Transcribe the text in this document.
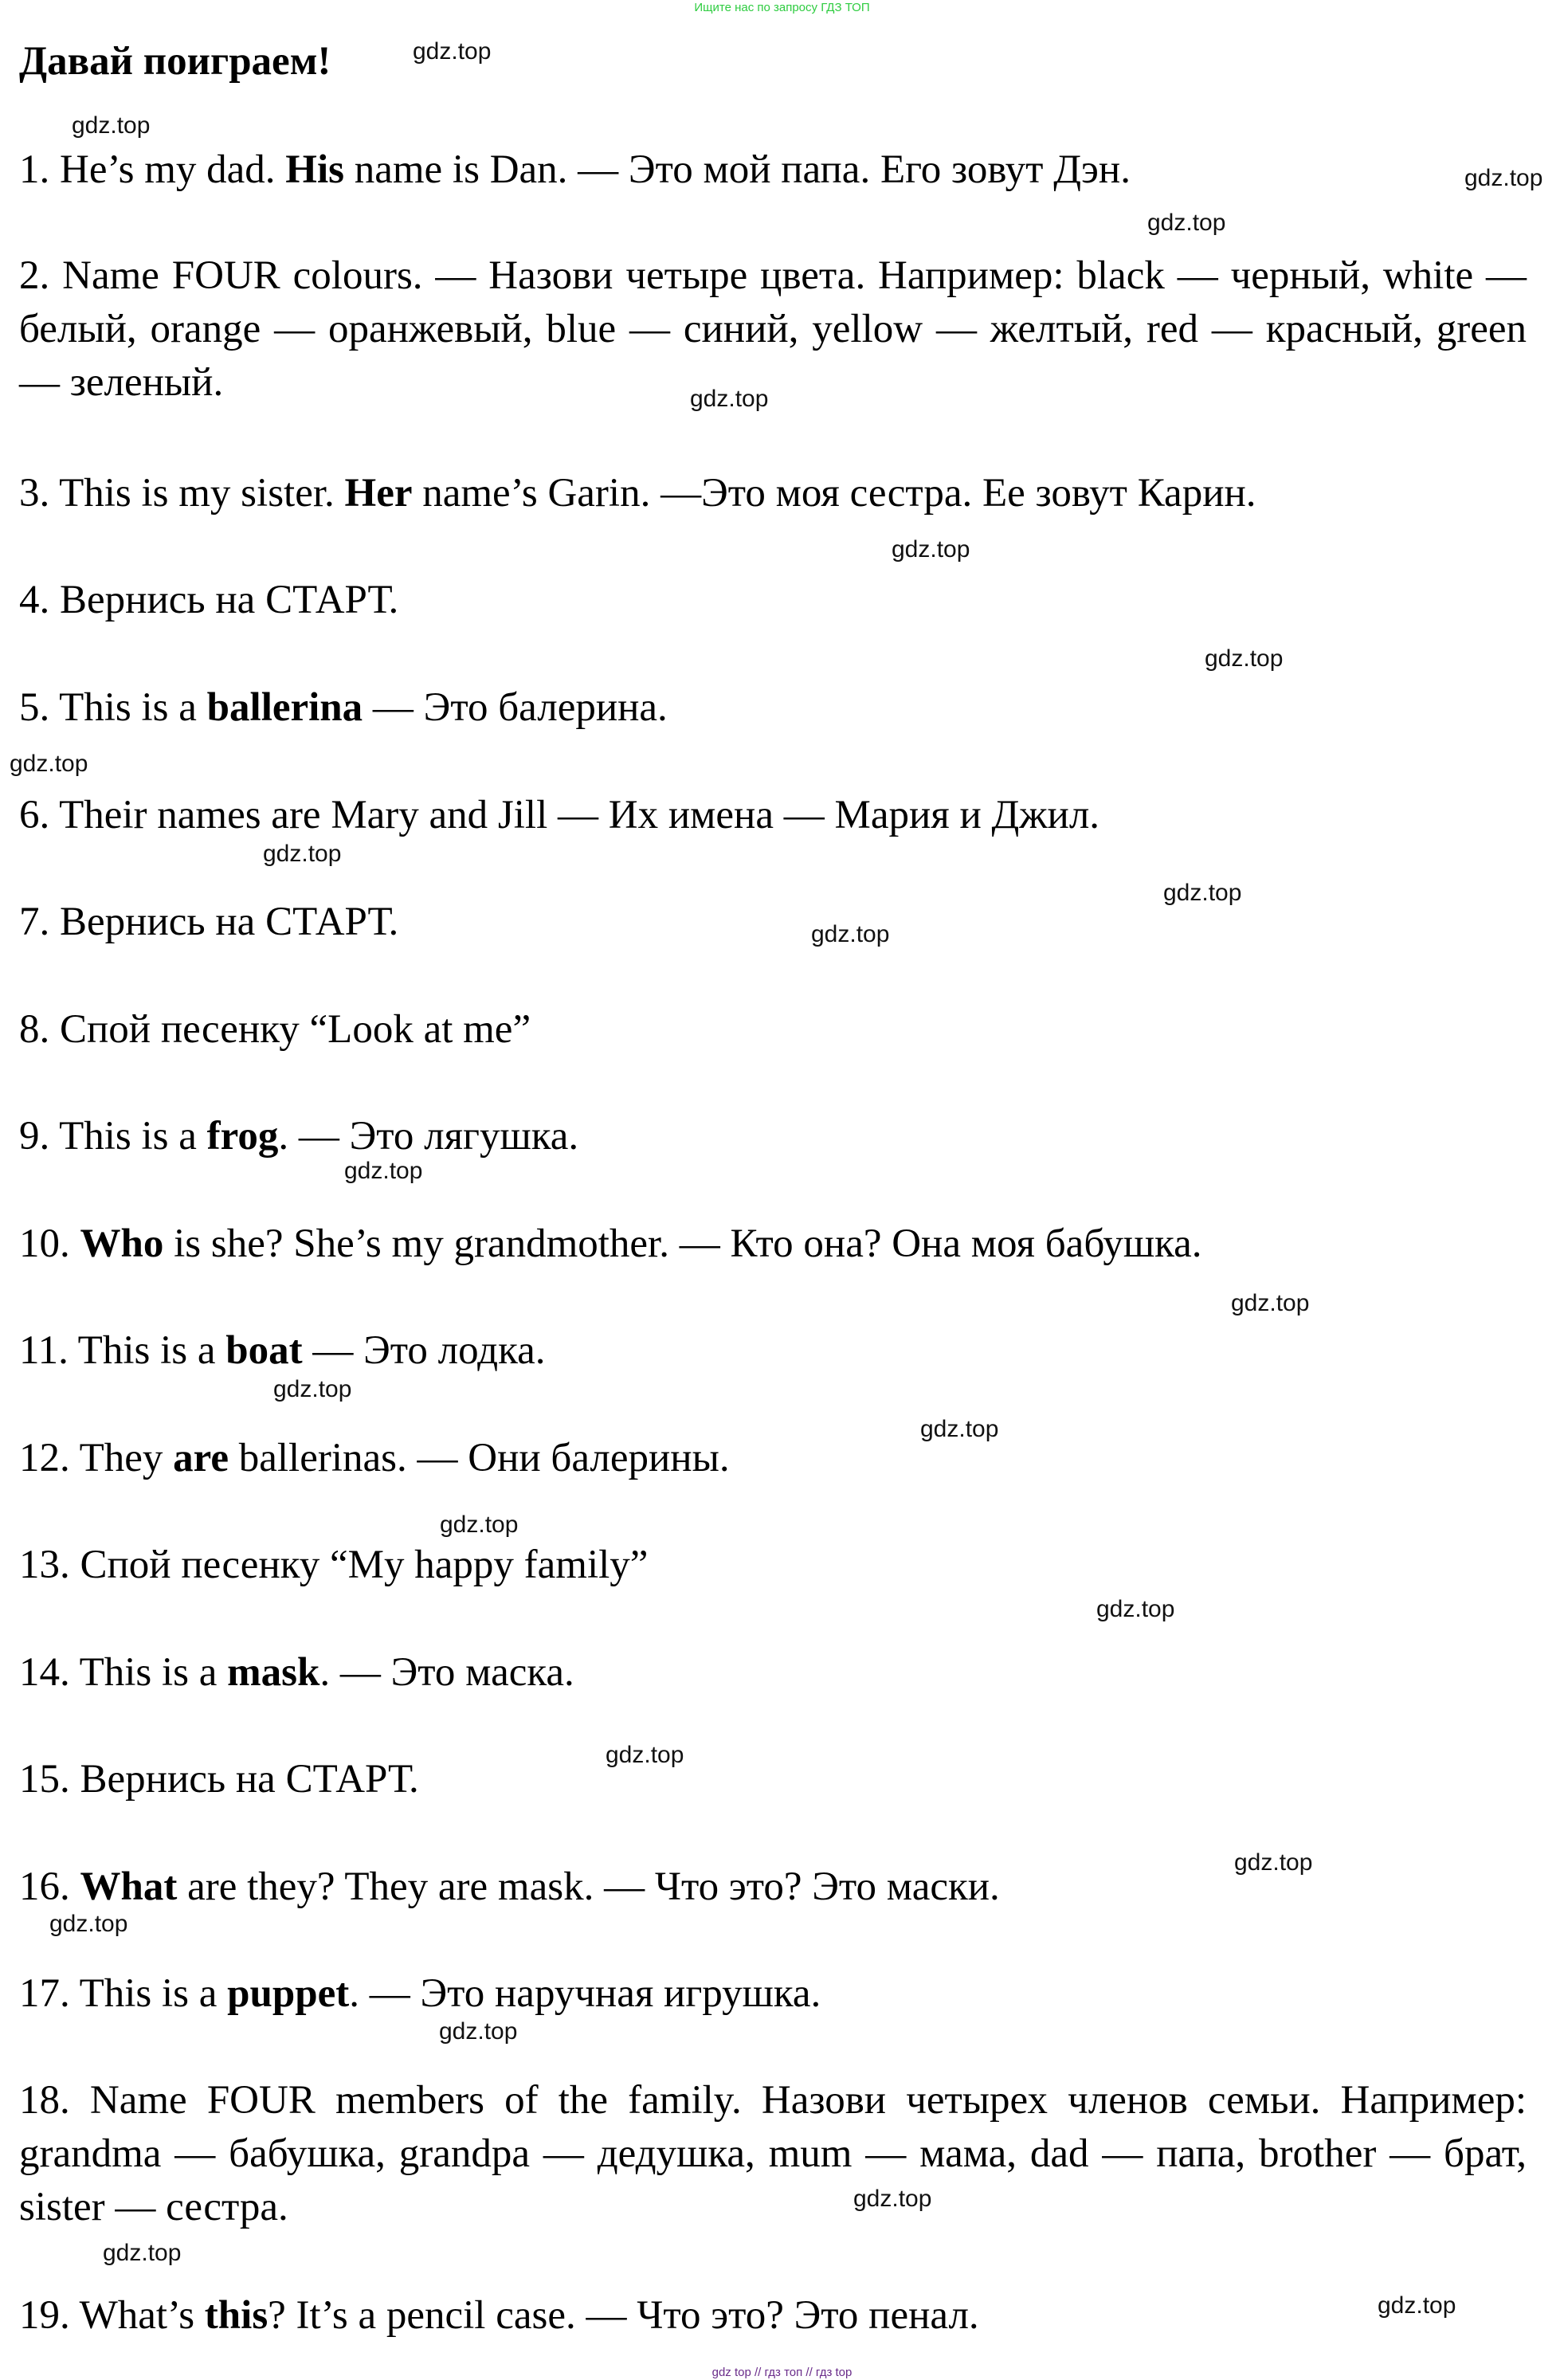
Ищите нас по запросу ГДЗ ТОП
Давай поиграем!
1. He’s my dad. His name is Dan. — Это мой папа. Его зовут Дэн.
2. Name FOUR colours. — Назови четыре цвета. Например: black — черный, white — белый, orange — оранжевый, blue — синий, yellow — желтый, red — красный, green — зеленый.
3. This is my sister. Her name’s Garin. —Это моя сестра. Ее зовут Карин.
4. Вернись на СТАРТ.
5. This is a ballerina — Это балерина.
6. Their names are Mary and Jill — Их имена — Мария и Джил.
7. Вернись на СТАРТ.
8. Спой песенку “Look at me”
9. This is a frog. — Это лягушка.
10. Who is she? She’s my grandmother. — Кто она? Она моя бабушка.
11. This is a boat — Это лодка.
12. They are ballerinas. — Они балерины.
13. Спой песенку “My happy family”
14. This is a mask. — Это маска.
15. Вернись на СТАРТ.
16. What are they? They are mask. — Что это? Это маски.
17. This is a puppet. — Это наручная игрушка.
18. Name FOUR members of the family. Назови четырех членов семьи. Например: grandma — бабушка, grandpa — дедушка, mum — мама, dad — папа, brother — брат, sister — сестра.
19. What’s this? It’s a pencil case. — Что это? Это пенал.
gdz.top
gdz.top
gdz.top
gdz.top
gdz.top
gdz.top
gdz.top
gdz.top
gdz.top
gdz.top
gdz.top
gdz.top
gdz.top
gdz.top
gdz.top
gdz.top
gdz.top
gdz.top
gdz.top
gdz.top
gdz.top
gdz.top
gdz.top
gdz.top
gdz top // гдз топ // гдз top
